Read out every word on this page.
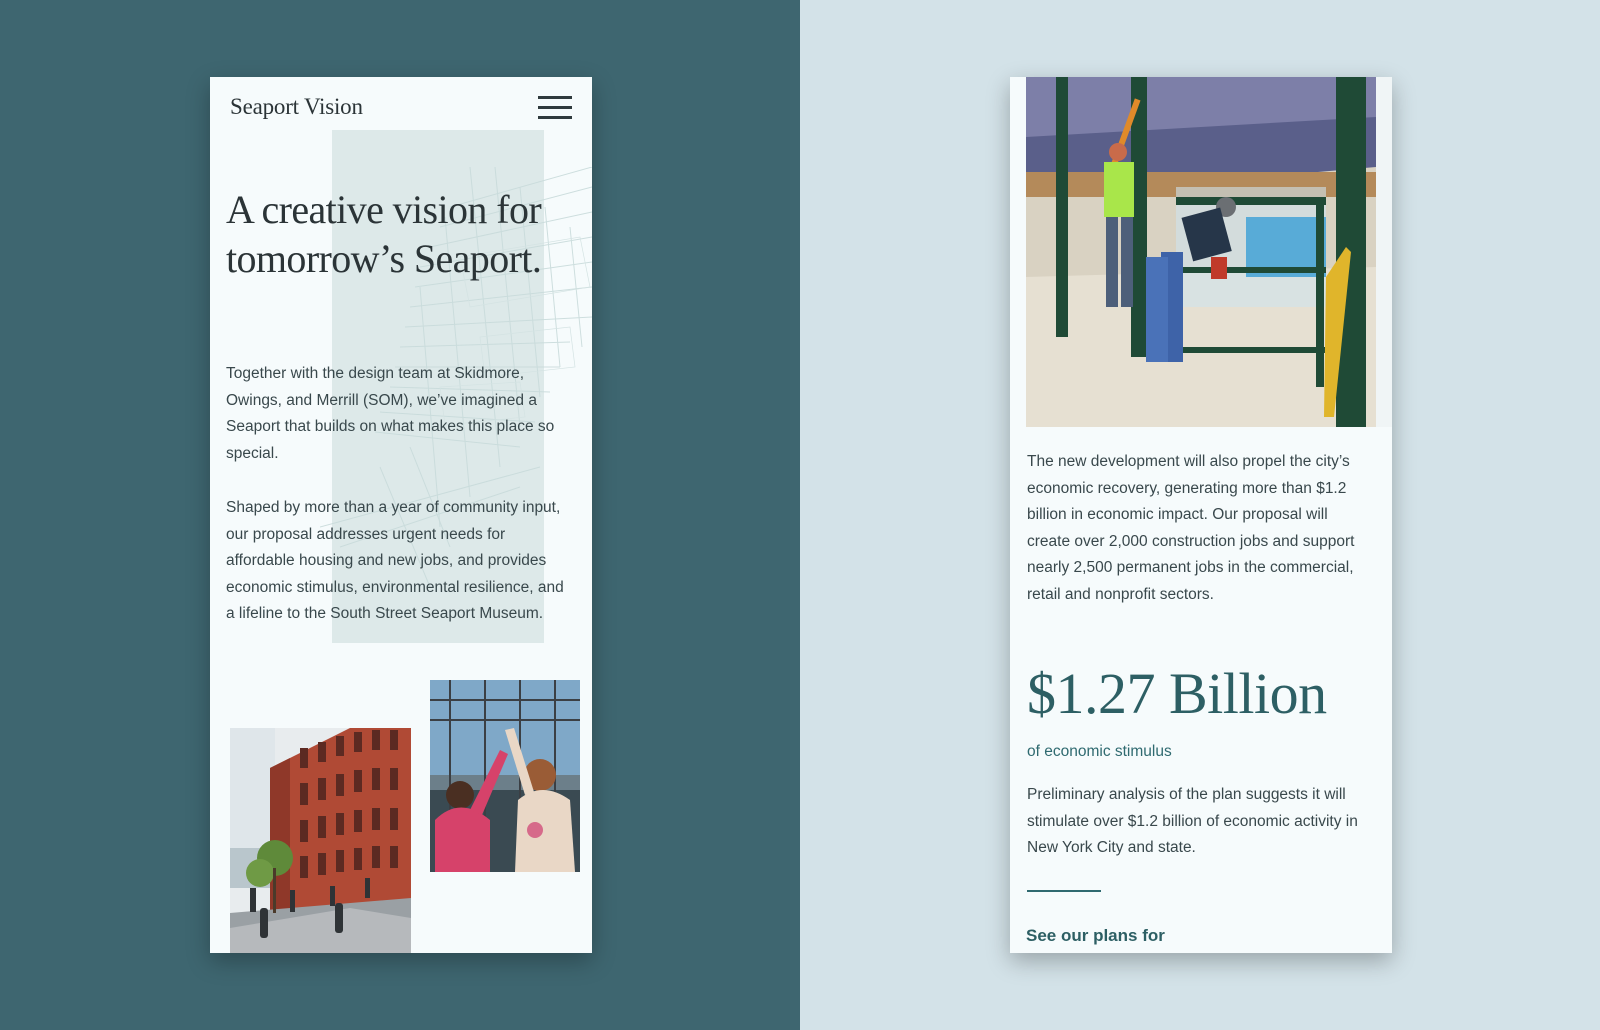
Seaport Vision
A creative vision for tomorrow’s Seaport.

Together with the design team at Skidmore, Owings, and Merrill (SOM), we’ve imagined a Seaport that builds on what makes this place so special.

Shaped by more than a year of community input, our proposal addresses urgent needs for affordable housing and new jobs, and provides economic stimulus, environmental resilience, and a lifeline to the South Street Seaport Museum.

The new development will also propel the city’s economic recovery, generating more than $1.2 billion in economic impact. Our proposal will create over 2,000 construction jobs and support nearly 2,500 permanent jobs in the commercial, retail and nonprofit sectors.

$1.27 Billion
of economic stimulus

Preliminary analysis of the plan suggests it will stimulate over $1.2 billion of economic activity in New York City and state.

See our plans for
